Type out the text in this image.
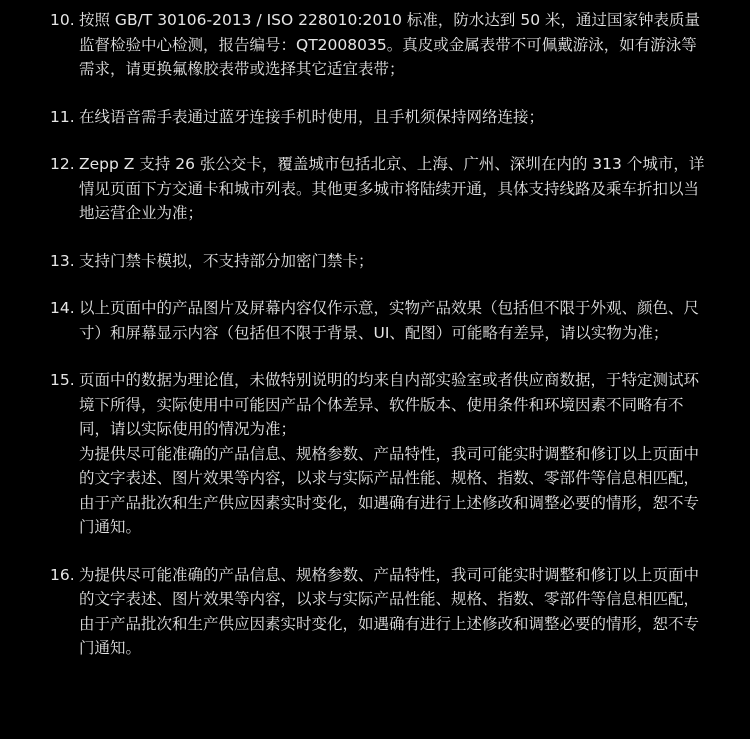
10. 按照 GB/T 30106-2013 / ISO 228010:2010 标准，防水达到 50 米，通过国家钟表质量监督检验中心检测，报告编号：QT2008035。真皮或金属表带不可佩戴游泳，如有游泳等需求，请更换氟橡胶表带或选择其它适宜表带；

11. 在线语音需手表通过蓝牙连接手机时使用，且手机须保持网络连接；

12. Zepp Z 支持 26 张公交卡，覆盖城市包括北京、上海、广州、深圳在内的 313 个城市，详情见页面下方交通卡和城市列表。其他更多城市将陆续开通，具体支持线路及乘车折扣以当地运营企业为准；

13. 支持门禁卡模拟，不支持部分加密门禁卡；

14. 以上页面中的产品图片及屏幕内容仅作示意，实物产品效果（包括但不限于外观、颜色、尺寸）和屏幕显示内容（包括但不限于背景、UI、配图）可能略有差异，请以实物为准；

15. 页面中的数据为理论值，未做特别说明的均来自内部实验室或者供应商数据，于特定测试环境下所得，实际使用中可能因产品个体差异、软件版本、使用条件和环境因素不同略有不同，请以实际使用的情况为准；

为提供尽可能准确的产品信息、规格参数、产品特性，我司可能实时调整和修订以上页面中的文字表述、图片效果等内容，以求与实际产品性能、规格、指数、零部件等信息相匹配，由于产品批次和生产供应因素实时变化，如遇确有进行上述修改和调整必要的情形，恕不专门通知。

16. 为提供尽可能准确的产品信息、规格参数、产品特性，我司可能实时调整和修订以上页面中的文字表述、图片效果等内容，以求与实际产品性能、规格、指数、零部件等信息相匹配，由于产品批次和生产供应因素实时变化，如遇确有进行上述修改和调整必要的情形，恕不专门通知。
